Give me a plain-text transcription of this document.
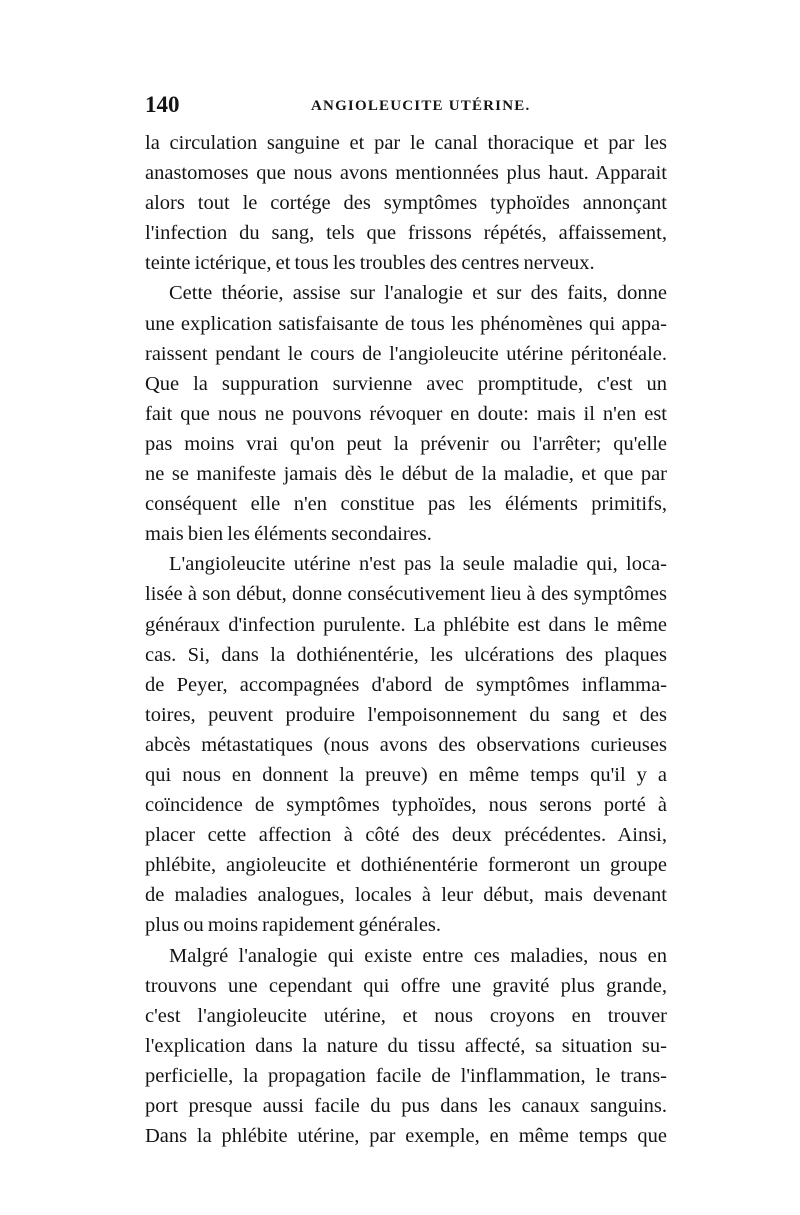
140	ANGIOLEUCITE UTÉRINE.
la circulation sanguine et par le canal thoracique et par les
anastomoses que nous avons mentionnées plus haut. Apparait
alors tout le cortége des symptômes typhoïdes annonçant
l'infection du sang, tels que frissons répétés, affaissement,
teinte ictérique, et tous les troubles des centres nerveux.
Cette théorie, assise sur l'analogie et sur des faits, donne
une explication satisfaisante de tous les phénomènes qui appa-
raissent pendant le cours de l'angioleucite utérine péritonéale.
Que la suppuration survienne avec promptitude, c'est un
fait que nous ne pouvons révoquer en doute: mais il n'en est
pas moins vrai qu'on peut la prévenir ou l'arrêter; qu'elle
ne se manifeste jamais dès le début de la maladie, et que par
conséquent elle n'en constitue pas les éléments primitifs,
mais bien les éléments secondaires.
L'angioleucite utérine n'est pas la seule maladie qui, loca-
lisée à son début, donne consécutivement lieu à des symptômes
généraux d'infection purulente. La phlébite est dans le même
cas. Si, dans la dothiénentérie, les ulcérations des plaques
de Peyer, accompagnées d'abord de symptômes inflamma-
toires, peuvent produire l'empoisonnement du sang et des
abcès métastatiques (nous avons des observations curieuses
qui nous en donnent la preuve) en même temps qu'il y a
coïncidence de symptômes typhoïdes, nous serons porté à
placer cette affection à côté des deux précédentes. Ainsi,
phlébite, angioleucite et dothiénentérie formeront un groupe
de maladies analogues, locales à leur début, mais devenant
plus ou moins rapidement générales.
Malgré l'analogie qui existe entre ces maladies, nous en
trouvons une cependant qui offre une gravité plus grande,
c'est l'angioleucite utérine, et nous croyons en trouver
l'explication dans la nature du tissu affecté, sa situation su-
perficielle, la propagation facile de l'inflammation, le trans-
port presque aussi facile du pus dans les canaux sanguins.
Dans la phlébite utérine, par exemple, en même temps que
